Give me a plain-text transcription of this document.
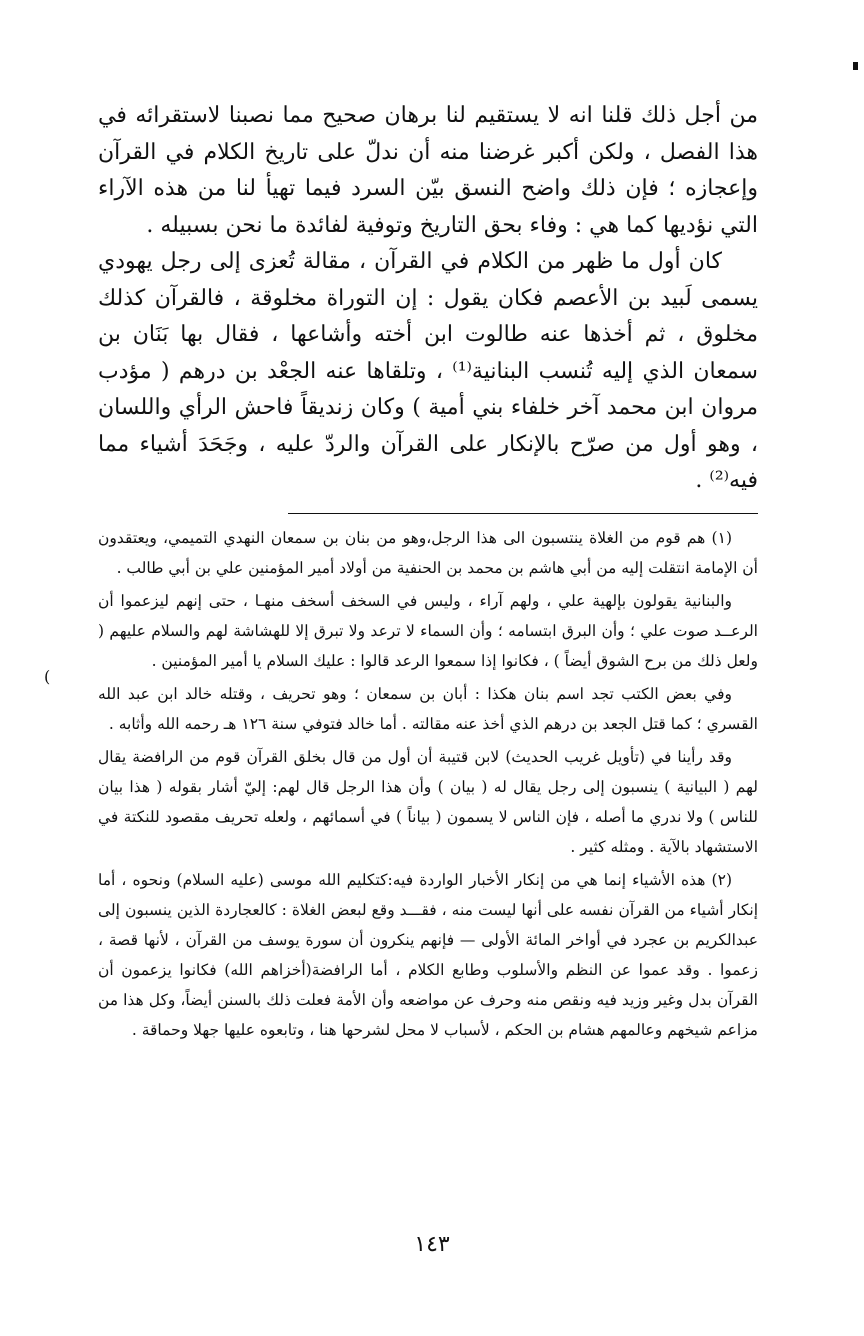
(

من أجل ذلك قلنا انه لا يستقيم لنا برهان صحيح مما نصبنا لاستقرائه في هذا الفصل ، ولكن أكبر غرضنا منه أن ندلّ على تاريخ الكلام في القرآن وإعجازه ؛ فإن ذلك واضح النسق بيّن السرد فيما تهيأ لنا من هذه الآراء التي نؤديها كما هي : وفاء بحق التاريخ وتوفية لفائدة ما نحن بسبيله .

كان أول ما ظهر من الكلام في القرآن ، مقالة تُعزى إلى رجل يهودي يسمى لَبيد بن الأعصم فكان يقول : إن التوراة مخلوقة ، فالقرآن كذلك مخلوق ، ثم أخذها عنه طالوت ابن أخته وأشاعها ، فقال بها بَنَان بن سمعان الذي إليه تُنسب البنانية⁽¹⁾ ، وتلقاها عنه الجعْد بن درهم ( مؤدب مروان ابن محمد آخر خلفاء بني أمية ) وكان زنديقاً فاحش الرأي واللسان ، وهو أول من صرّح بالإنكار على القرآن والردّ عليه ، وجَحَدَ أشياء مما فيه⁽²⁾ .

(١) هم قوم من الغلاة ينتسبون الى هذا الرجل،وهو من بنان بن سمعان النهدي التميمي، ويعتقدون أن الإمامة انتقلت إليه من أبي هاشم بن محمد بن الحنفية من أولاد أمير المؤمنين علي بن أبي طالب .

والبنانية يقولون بإلهية علي ، ولهم آراء ، وليس في السخف أسخف منهـا ، حتى إنهم ليزعموا أن الرعــد صوت علي ؛ وأن البرق ابتسامه ؛ وأن السماء لا ترعد ولا تبرق إلا للهشاشة لهم والسلام عليهم ( ولعل ذلك من برح الشوق أيضاً ) ، فكانوا إذا سمعوا الرعد قالوا : عليك السلام يا أمير المؤمنين .

وفي بعض الكتب تجد اسم بنان هكذا : أبان بن سمعان ؛ وهو تحريف ، وقتله خالد ابن عبد الله القسري ؛ كما قتل الجعد بن درهم الذي أخذ عنه مقالته . أما خالد فتوفي سنة ١٢٦ هـ رحمه الله وأثابه .

وقد رأينا في (تأويل غريب الحديث) لابن قتيبة أن أول من قال بخلق القرآن قوم من الرافضة يقال لهم ( البيانية ) ينسبون إلى رجل يقال له ( بيان ) وأن هذا الرجل قال لهم: إليّ أشار بقوله ( هذا بيان للناس ) ولا ندري ما أصله ، فإن الناس لا يسمون ( بياناً ) في أسمائهم ، ولعله تحريف مقصود للنكتة في الاستشهاد بالآية . ومثله كثير .

(٢) هذه الأشياء إنما هي من إنكار الأخبار الواردة فيه:كتكليم الله موسى (عليه السلام) ونحوه ، أما إنكار أشياء من القرآن نفسه على أنها ليست منه ، فقـــد وقع لبعض الغلاة : كالعجاردة الذين ينسبون إلى عبدالكريم بن عجرد في أواخر المائة الأولى — فإنهم ينكرون أن سورة يوسف من القرآن ، لأنها قصة ، زعموا . وقد عموا عن النظم والأسلوب وطابع الكلام ، أما الرافضة(أخزاهم الله) فكانوا يزعمون أن القرآن بدل وغير وزيد فيه ونقص منه وحرف عن مواضعه وأن الأمة فعلت ذلك بالسنن أيضاً، وكل هذا من مزاعم شيخهم وعالمهم هشام بن الحكم ، لأسباب لا محل لشرحها هنا ، وتابعوه عليها جهلا وحماقة .

١٤٣
